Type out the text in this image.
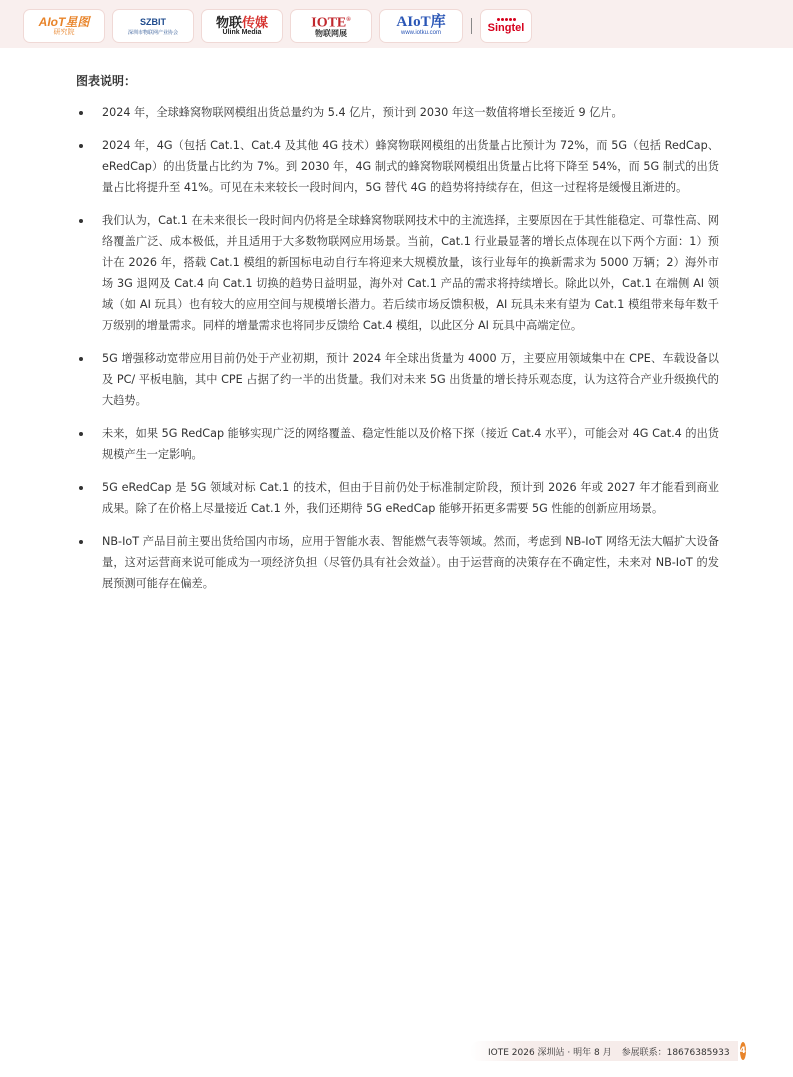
AIoT星图
研究院
SZBIT
深圳市物联网产业协会
物联传媒
Ulink Media
IOTE®
物联网展
AIoT库
www.iotku.com	Singtel
图表说明：
2024 年，全球蜂窝物联网模组出货总量约为 5.4 亿片，预计到 2030 年这一数值将增长至接近 9 亿片。
2024 年，4G（包括 Cat.1、Cat.4 及其他 4G 技术）蜂窝物联网模组的出货量占比预计为 72%，而 5G（包括 RedCap、eRedCap）的出货量占比约为 7%。到 2030 年，4G 制式的蜂窝物联网模组出货量占比将下降至 54%，而 5G 制式的出货量占比将提升至 41%。可见在未来较长一段时间内，5G 替代 4G 的趋势将持续存在，但这一过程将是缓慢且渐进的。
我们认为，Cat.1 在未来很长一段时间内仍将是全球蜂窝物联网技术中的主流选择，主要原因在于其性能稳定、可靠性高、网络覆盖广泛、成本极低，并且适用于大多数物联网应用场景。当前，Cat.1 行业最显著的增长点体现在以下两个方面：1）预计在 2026 年，搭载 Cat.1 模组的新国标电动自行车将迎来大规模放量，该行业每年的换新需求为 5000 万辆；2）海外市场 3G 退网及 Cat.4 向 Cat.1 切换的趋势日益明显，海外对 Cat.1 产品的需求将持续增长。除此以外，Cat.1 在端侧 AI 领域（如 AI 玩具）也有较大的应用空间与规模增长潜力。若后续市场反馈积极，AI 玩具未来有望为 Cat.1 模组带来每年数千万级别的增量需求。同样的增量需求也将同步反馈给 Cat.4 模组，以此区分 AI 玩具中高端定位。
5G 增强移动宽带应用目前仍处于产业初期，预计 2024 年全球出货量为 4000 万，主要应用领域集中在 CPE、车载设备以及 PC/ 平板电脑，其中 CPE 占据了约一半的出货量。我们对未来 5G 出货量的增长持乐观态度，认为这符合产业升级换代的大趋势。
未来，如果 5G RedCap 能够实现广泛的网络覆盖、稳定性能以及价格下探（接近 Cat.4 水平），可能会对 4G Cat.4 的出货规模产生一定影响。
5G eRedCap 是 5G 领域对标 Cat.1 的技术，但由于目前仍处于标准制定阶段，预计到 2026 年或 2027 年才能看到商业成果。除了在价格上尽量接近 Cat.1 外，我们还期待 5G eRedCap 能够开拓更多需要 5G 性能的创新应用场景。
NB-IoT 产品目前主要出货给国内市场，应用于智能水表、智能燃气表等领域。然而，考虑到 NB-IoT 网络无法大幅扩大设备量，这对运营商来说可能成为一项经济负担（尽管仍具有社会效益）。由于运营商的决策存在不确定性，未来对 NB-IoT 的发展预测可能存在偏差。
IOTE 2026 深圳站 · 明年 8 月 参展联系：18676385933 4
